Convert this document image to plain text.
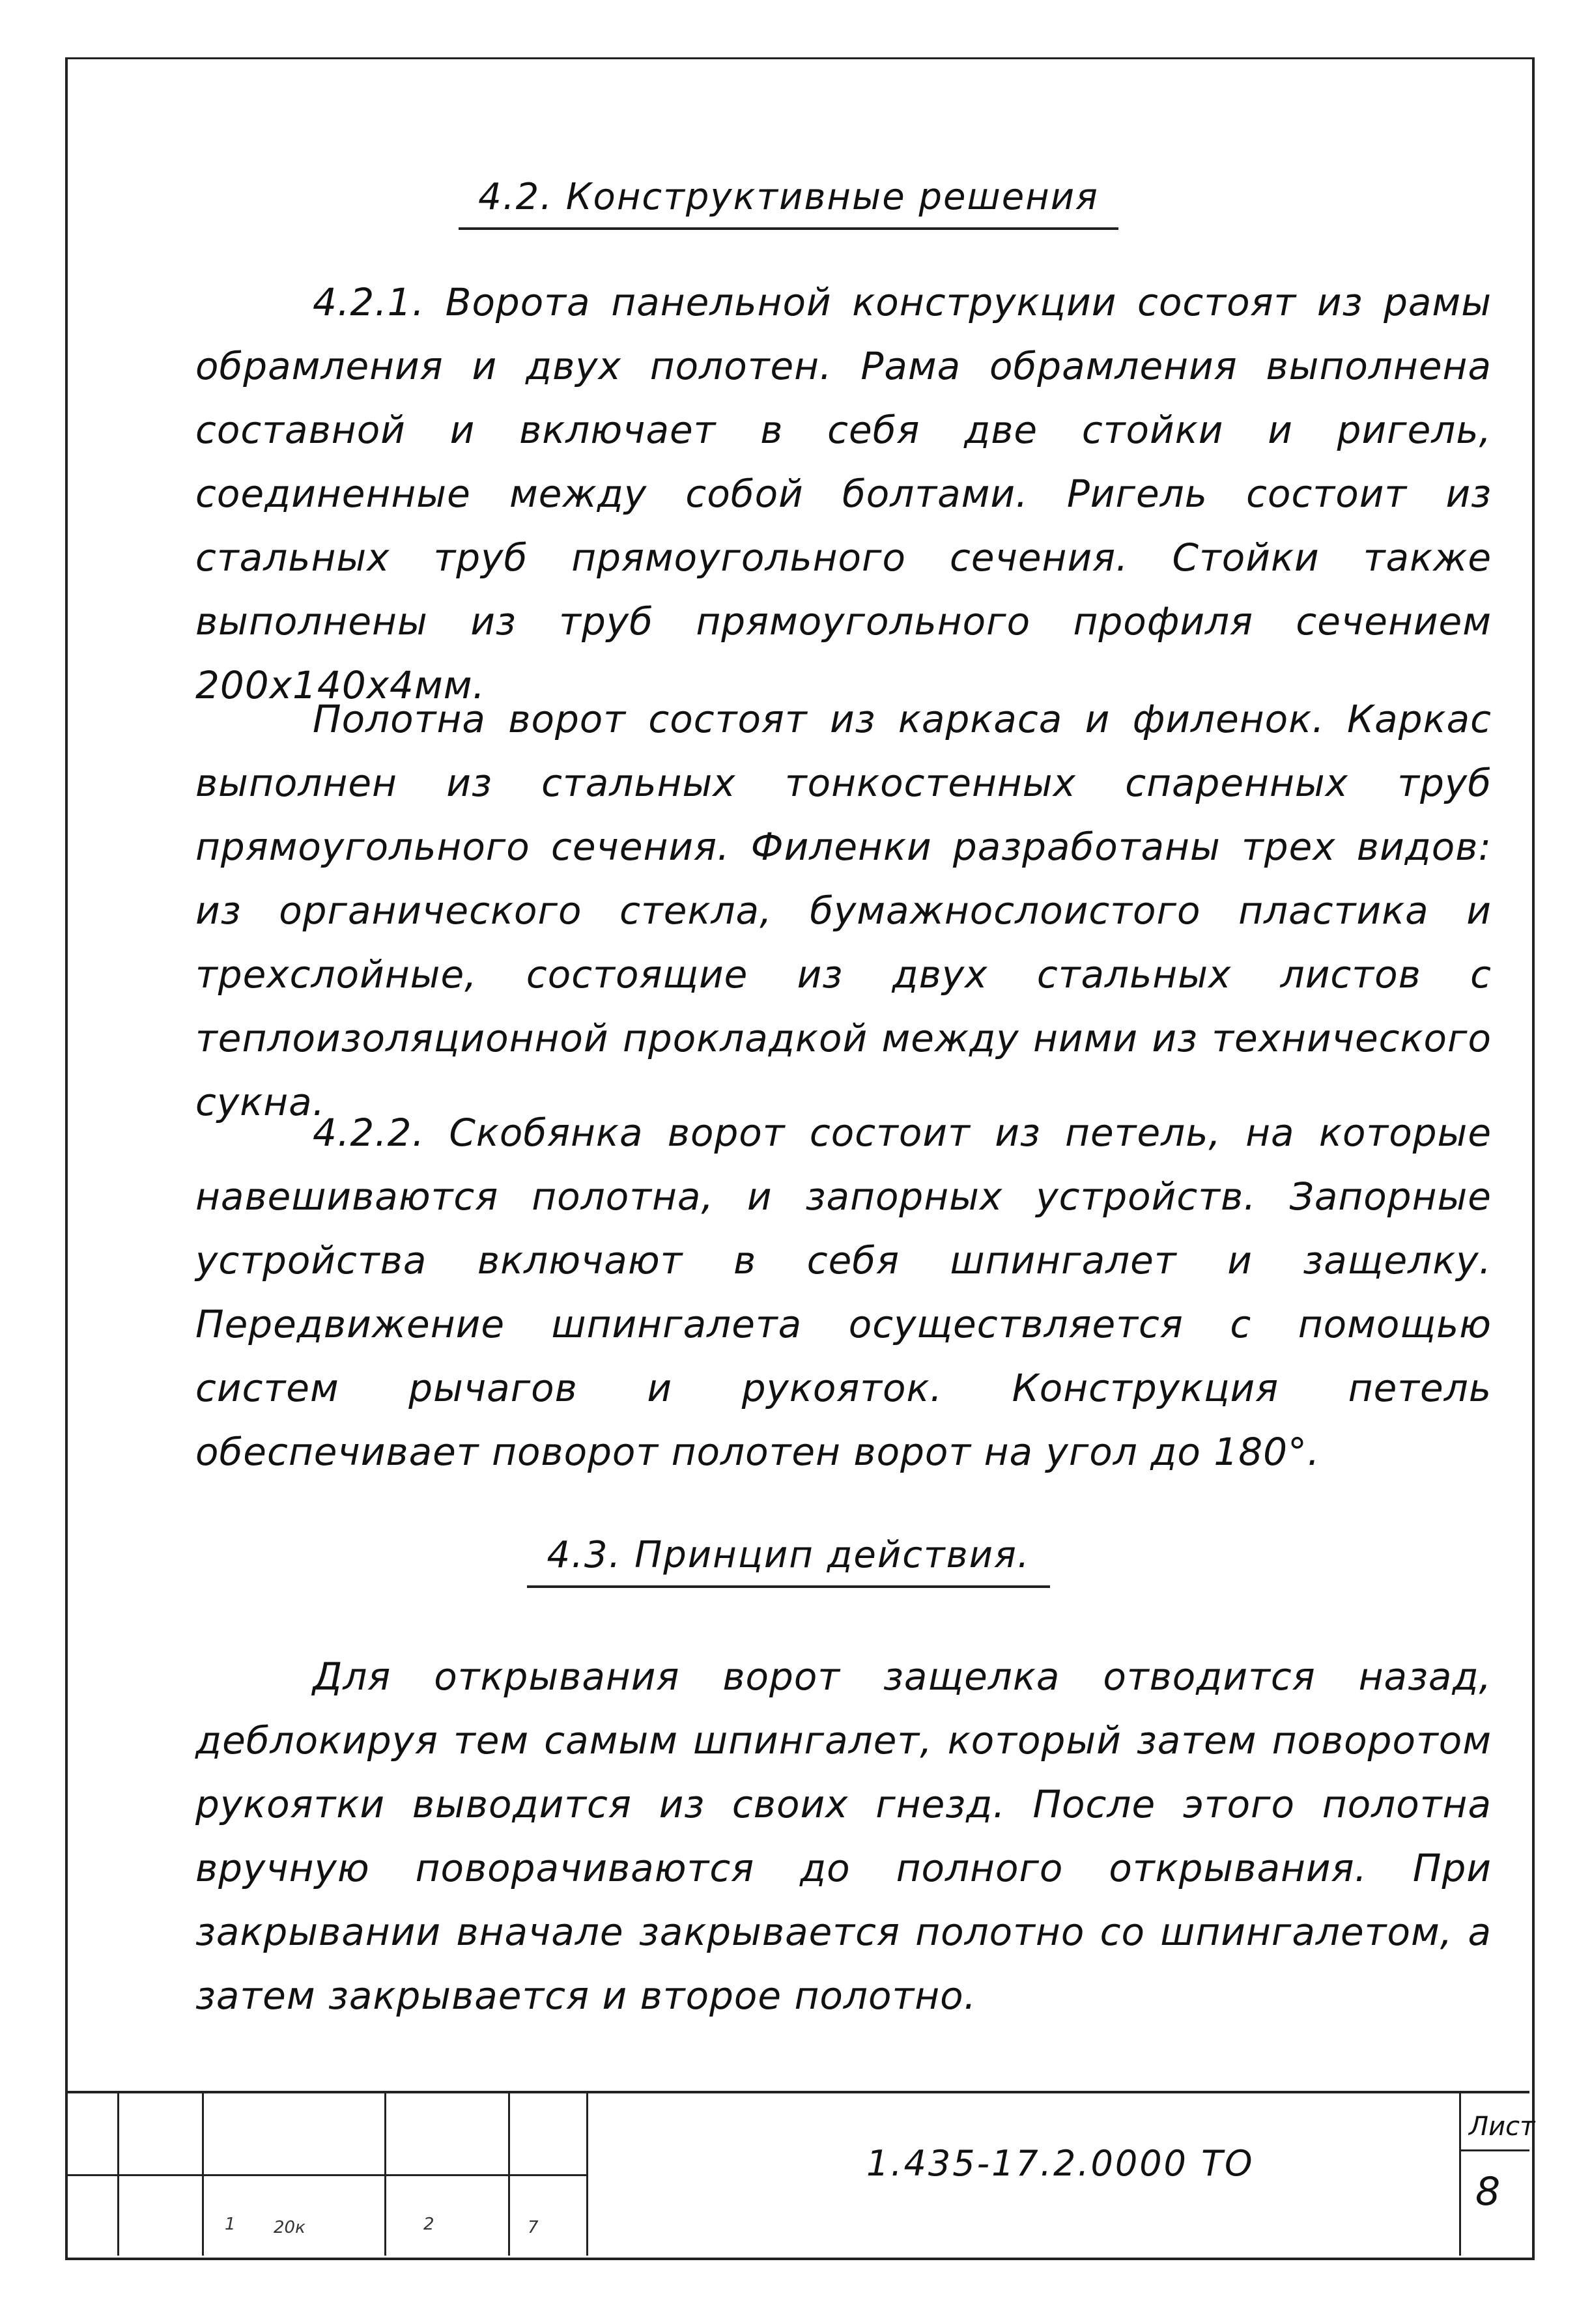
4.2. Конструктивные решения

4.2.1. Ворота панельной конструкции состоят из рамы обрамления и двух полотен. Рама обрамления выполнена составной и включает в себя две стойки и ригель, соединенные между собой болтами. Ригель состоит из стальных труб прямоугольного сечения. Стойки также выполнены из труб прямоугольного профиля сечением 200х140х4мм.

Полотна ворот состоят из каркаса и филенок. Каркас выполнен из стальных тонкостенных спаренных труб прямоугольного сечения. Филенки разработаны трех видов: из органического стекла, бумажнослоистого пластика и трехслойные, состоящие из двух стальных листов с теплоизоляционной прокладкой между ними из технического сукна.

4.2.2. Скобянка ворот состоит из петель, на которые навешиваются полотна, и запорных устройств. Запорные устройства включают в себя шпингалет и защелку. Передвижение шпингалета осуществляется с помощью систем рычагов и рукояток. Конструкция петель обеспечивает поворот полотен ворот на угол до 180°.

4.3. Принцип действия.

Для открывания ворот защелка отводится назад, деблокируя тем самым шпингалет, который затем поворотом рукоятки выводится из своих гнезд. После этого полотна вручную поворачиваются до полного открывания. При закрывании вначале закрывается полотно со шпингалетом, а затем закрывается и второе полотно.

1 20к	2	7
1.435-17.2.0000 ТО
Лист
8
